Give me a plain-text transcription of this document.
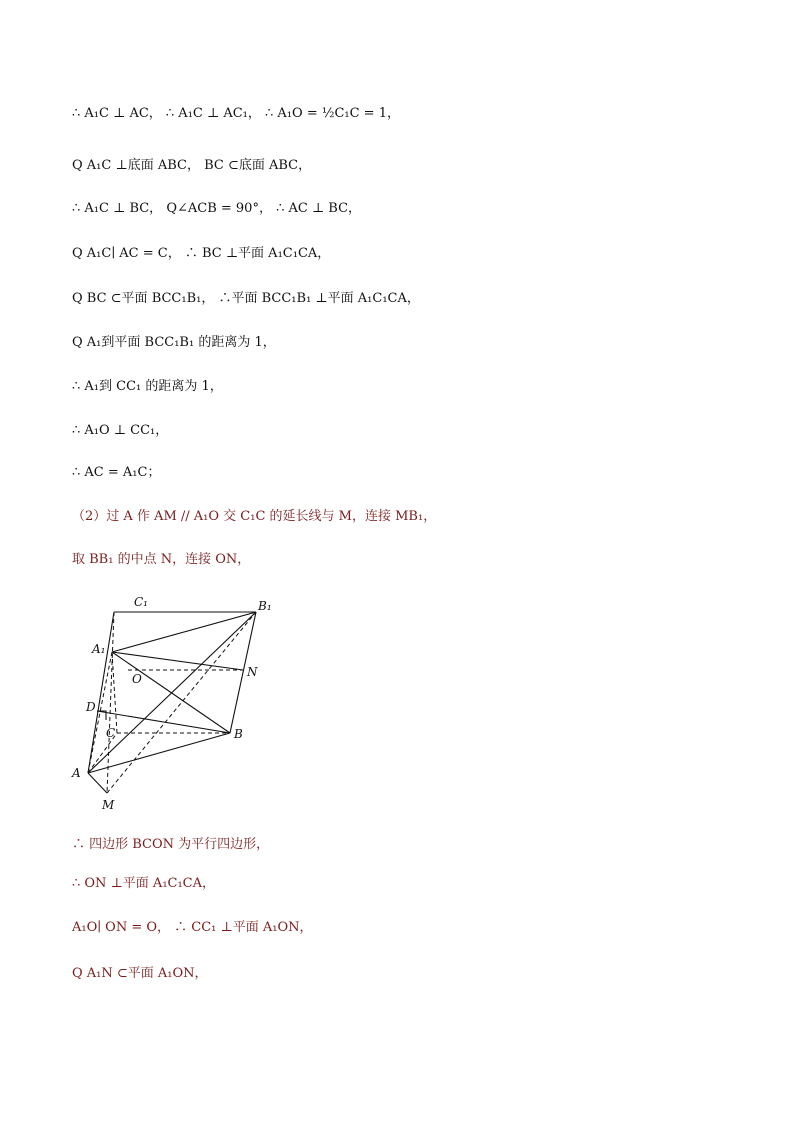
∴ A₁C ⊥ AC， ∴ A₁C ⊥ AC₁， ∴ A₁O = ½C₁C = 1，
Q A₁C ⊥底面 ABC， BC ⊂底面 ABC，
∴ A₁C ⊥ BC， Q∠ACB = 90°， ∴ AC ⊥ BC，
Q A₁C∣ AC = C， ∴ BC ⊥平面 A₁C₁CA，
Q BC ⊂平面 BCC₁B₁， ∴平面 BCC₁B₁ ⊥平面 A₁C₁CA，
Q A₁到平面 BCC₁B₁ 的距离为 1，
∴ A₁到 CC₁ 的距离为 1，
∴ A₁O ⊥ CC₁，
∴ AC = A₁C；
（2）过 A 作 AM // A₁O 交 C₁C 的延长线与 M，连接 MB₁，
取 BB₁ 的中点 N，连接 ON，
C₁	B₁
A₁
N
O
D
C	B
A
M
∴ 四边形 BCON 为平行四边形，
∴ ON ⊥平面 A₁C₁CA，
A₁O∣ ON = O， ∴ CC₁ ⊥平面 A₁ON，
Q A₁N ⊂平面 A₁ON，
